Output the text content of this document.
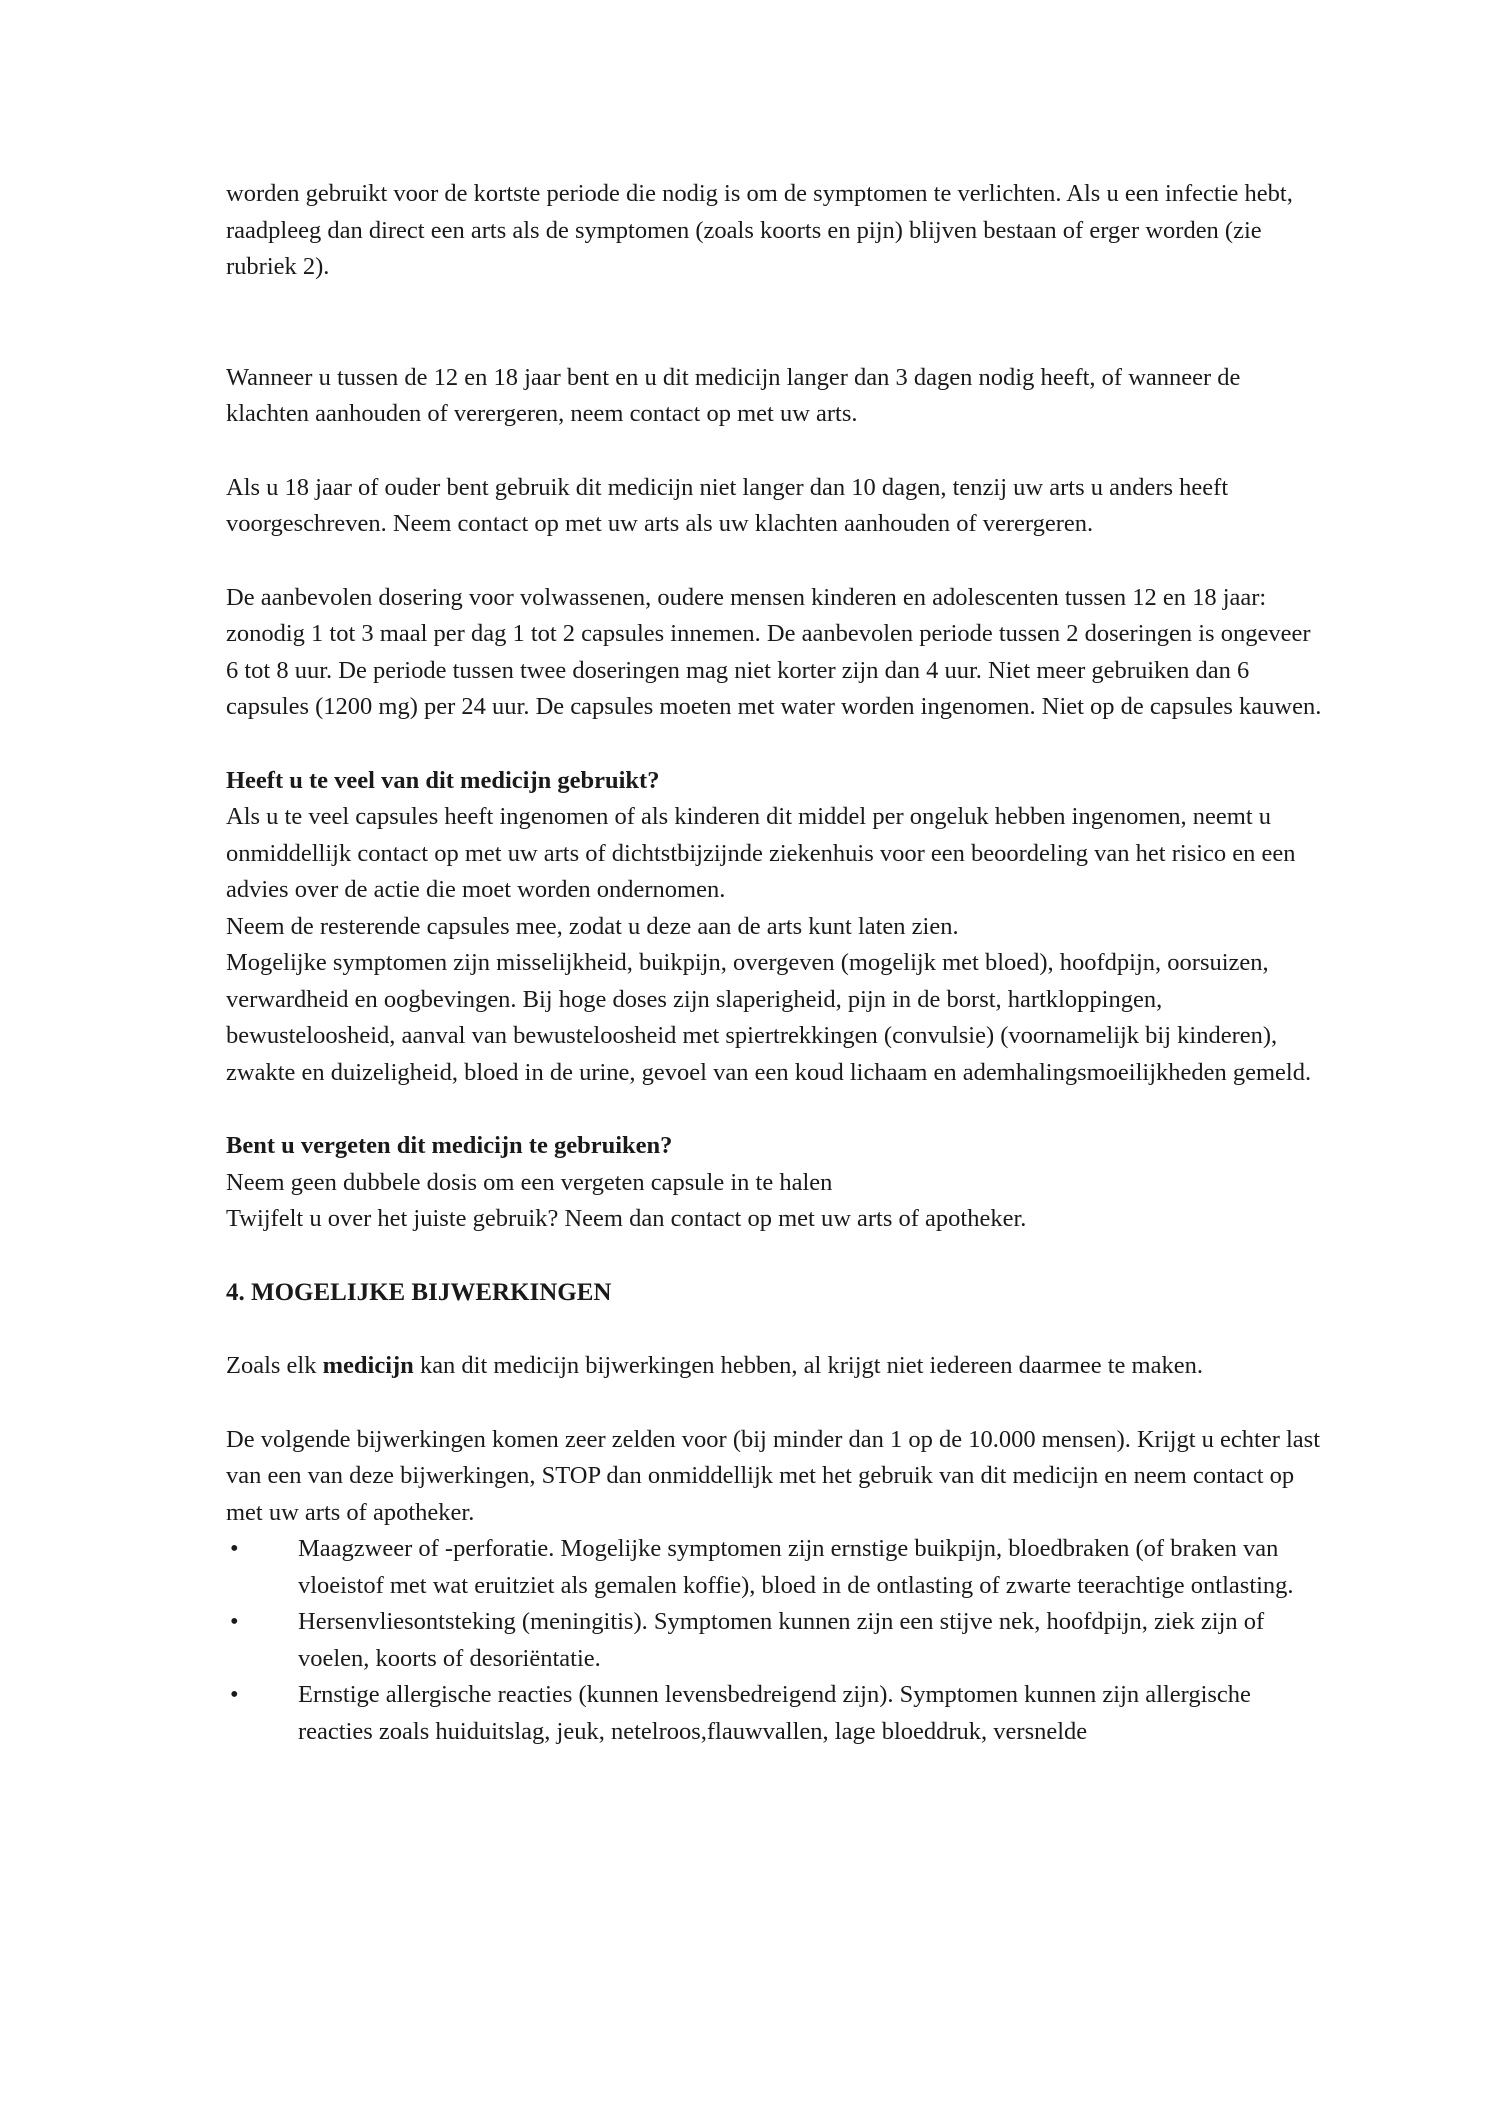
worden gebruikt voor de kortste periode die nodig is om de symptomen te verlichten. Als u een infectie hebt, raadpleeg dan direct een arts als de symptomen (zoals koorts en pijn) blijven bestaan of erger worden (zie rubriek 2).

Wanneer u tussen de 12 en 18 jaar bent en u dit medicijn langer dan 3 dagen nodig heeft, of wanneer de klachten aanhouden of verergeren, neem contact op met uw arts.

Als u 18 jaar of ouder bent gebruik dit medicijn niet langer dan 10 dagen, tenzij uw arts u anders heeft voorgeschreven. Neem contact op met uw arts als uw klachten aanhouden of verergeren.

De aanbevolen dosering voor volwassenen, oudere mensen kinderen en adolescenten tussen 12 en 18 jaar: zonodig 1 tot 3 maal per dag 1 tot 2 capsules innemen. De aanbevolen periode tussen 2 doseringen is ongeveer 6 tot 8 uur. De periode tussen twee doseringen mag niet korter zijn dan 4 uur. Niet meer gebruiken dan 6 capsules (1200 mg) per 24 uur. De capsules moeten met water worden ingenomen. Niet op de capsules kauwen.

Heeft u te veel van dit medicijn gebruikt?

Als u te veel capsules heeft ingenomen of als kinderen dit middel per ongeluk hebben ingenomen, neemt u onmiddellijk contact op met uw arts of dichtstbijzijnde ziekenhuis voor een beoordeling van het risico en een advies over de actie die moet worden ondernomen.

Neem de resterende capsules mee, zodat u deze aan de arts kunt laten zien.

Mogelijke symptomen zijn misselijkheid, buikpijn, overgeven (mogelijk met bloed), hoofdpijn, oorsuizen, verwardheid en oogbevingen. Bij hoge doses zijn slaperigheid, pijn in de borst, hartkloppingen, bewusteloosheid, aanval van bewusteloosheid met spiertrekkingen (convulsie) (voornamelijk bij kinderen), zwakte en duizeligheid, bloed in de urine, gevoel van een koud lichaam en ademhalingsmoeilijkheden gemeld.

Bent u vergeten dit medicijn te gebruiken?

Neem geen dubbele dosis om een vergeten capsule in te halen

Twijfelt u over het juiste gebruik? Neem dan contact op met uw arts of apotheker.

4. MOGELIJKE BIJWERKINGEN

Zoals elk medicijn kan dit medicijn bijwerkingen hebben, al krijgt niet iedereen daarmee te maken.

De volgende bijwerkingen komen zeer zelden voor (bij minder dan 1 op de 10.000 mensen). Krijgt u echter last van een van deze bijwerkingen, STOP dan onmiddellijk met het gebruik van dit medicijn en neem contact op met uw arts of apotheker.

•	Maagzweer of -perforatie. Mogelijke symptomen zijn ernstige buikpijn, bloedbraken (of braken van vloeistof met wat eruitziet als gemalen koffie), bloed in de ontlasting of zwarte teerachtige ontlasting.
•	Hersenvliesontsteking (meningitis). Symptomen kunnen zijn een stijve nek, hoofdpijn, ziek zijn of voelen, koorts of desoriëntatie.
•	Ernstige allergische reacties (kunnen levensbedreigend zijn). Symptomen kunnen zijn allergische reacties zoals huiduitslag, jeuk, netelroos,flauwvallen, lage bloeddruk, versnelde
